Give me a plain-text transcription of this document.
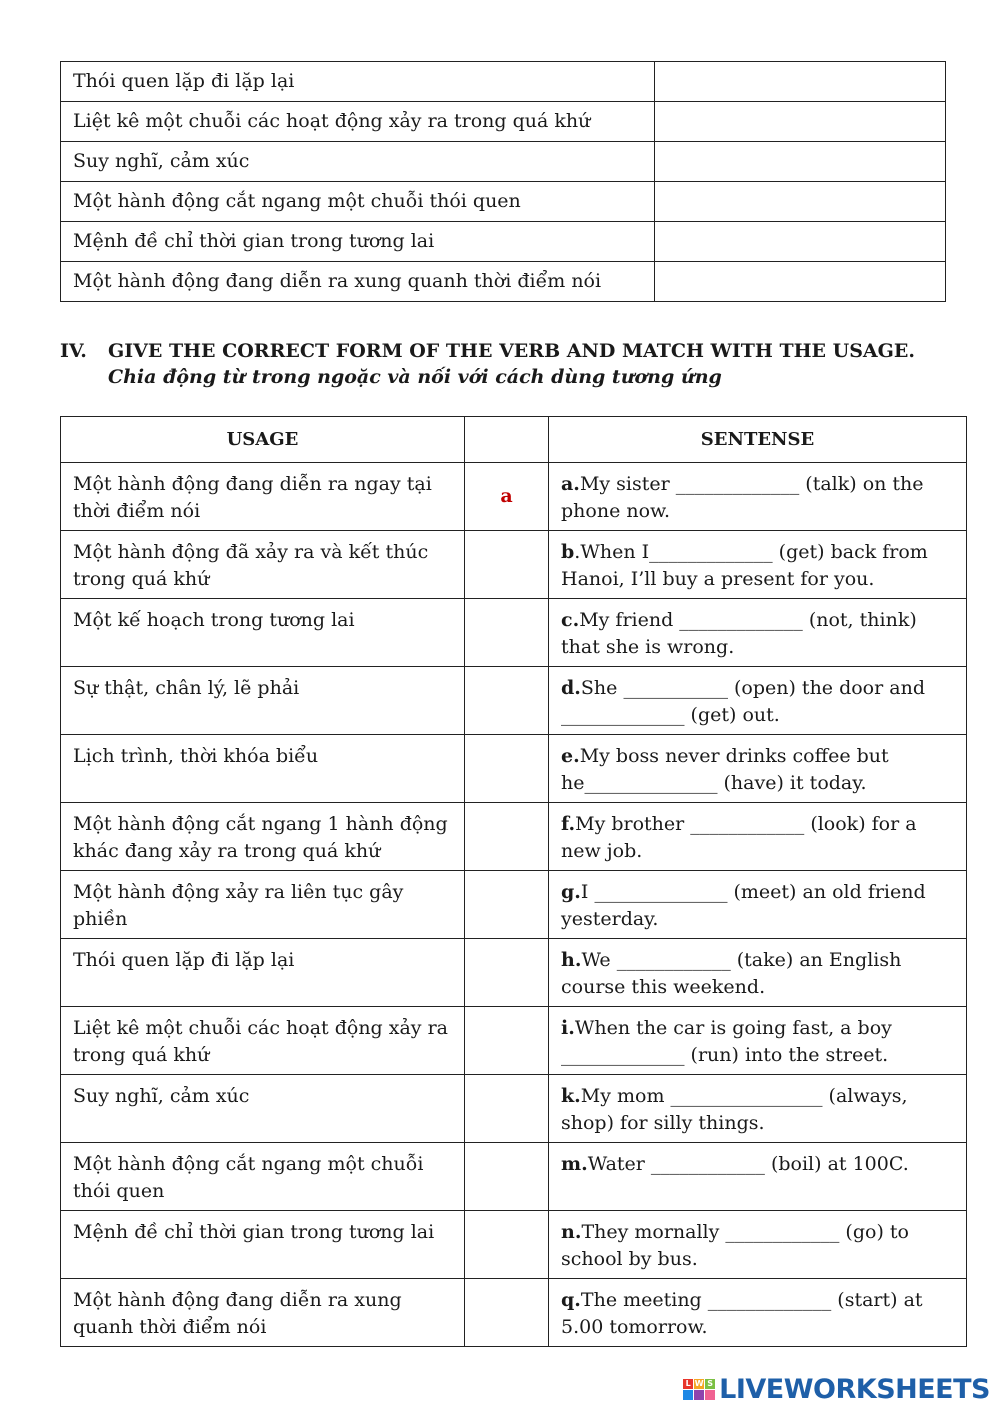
Thói quen lặp đi lặp lại	
Liệt kê một chuỗi các hoạt động xảy ra trong quá khứ	
Suy nghĩ, cảm xúc	
Một hành động cắt ngang một chuỗi thói quen	
Mệnh đề chỉ thời gian trong tương lai	
Một hành động đang diễn ra xung quanh thời điểm nói	
IV. GIVE THE CORRECT FORM OF THE VERB AND MATCH WITH THE USAGE.
Chia động từ trong ngoặc và nối với cách dùng tương ứng
USAGE		SENTENSE
Một hành động đang diễn ra ngay tại thời điểm nói	a	a.My sister _____________ (talk) on the phone now.
Một hành động đã xảy ra và kết thúc trong quá khứ		b.When I_____________ (get) back from Hanoi, I’ll buy a present for you.
Một kế hoạch trong tương lai		c.My friend _____________ (not, think) that she is wrong.
Sự thật, chân lý, lẽ phải		d.She ___________ (open) the door and _____________ (get) out.
Lịch trình, thời khóa biểu		e.My boss never drinks coffee but he______________ (have) it today.
Một hành động cắt ngang 1 hành động khác đang xảy ra trong quá khứ		f.My brother ____________ (look) for a new job.
Một hành động xảy ra liên tục gây phiền		g.I ______________ (meet) an old friend yesterday.
Thói quen lặp đi lặp lại		h.We ____________ (take) an English course this weekend.
Liệt kê một chuỗi các hoạt động xảy ra trong quá khứ		i.When the car is going fast, a boy _____________ (run) into the street.
Suy nghĩ, cảm xúc		k.My mom ________________ (always, shop) for silly things.
Một hành động cắt ngang một chuỗi thói quen		m.Water ____________ (boil) at 100C.
Mệnh đề chỉ thời gian trong tương lai		n.They mornally ____________ (go) to school by bus.
Một hành động đang diễn ra xung quanh thời điểm nói		q.The meeting _____________ (start) at 5.00 tomorrow.
L W S LIVEWORKSHEETS
